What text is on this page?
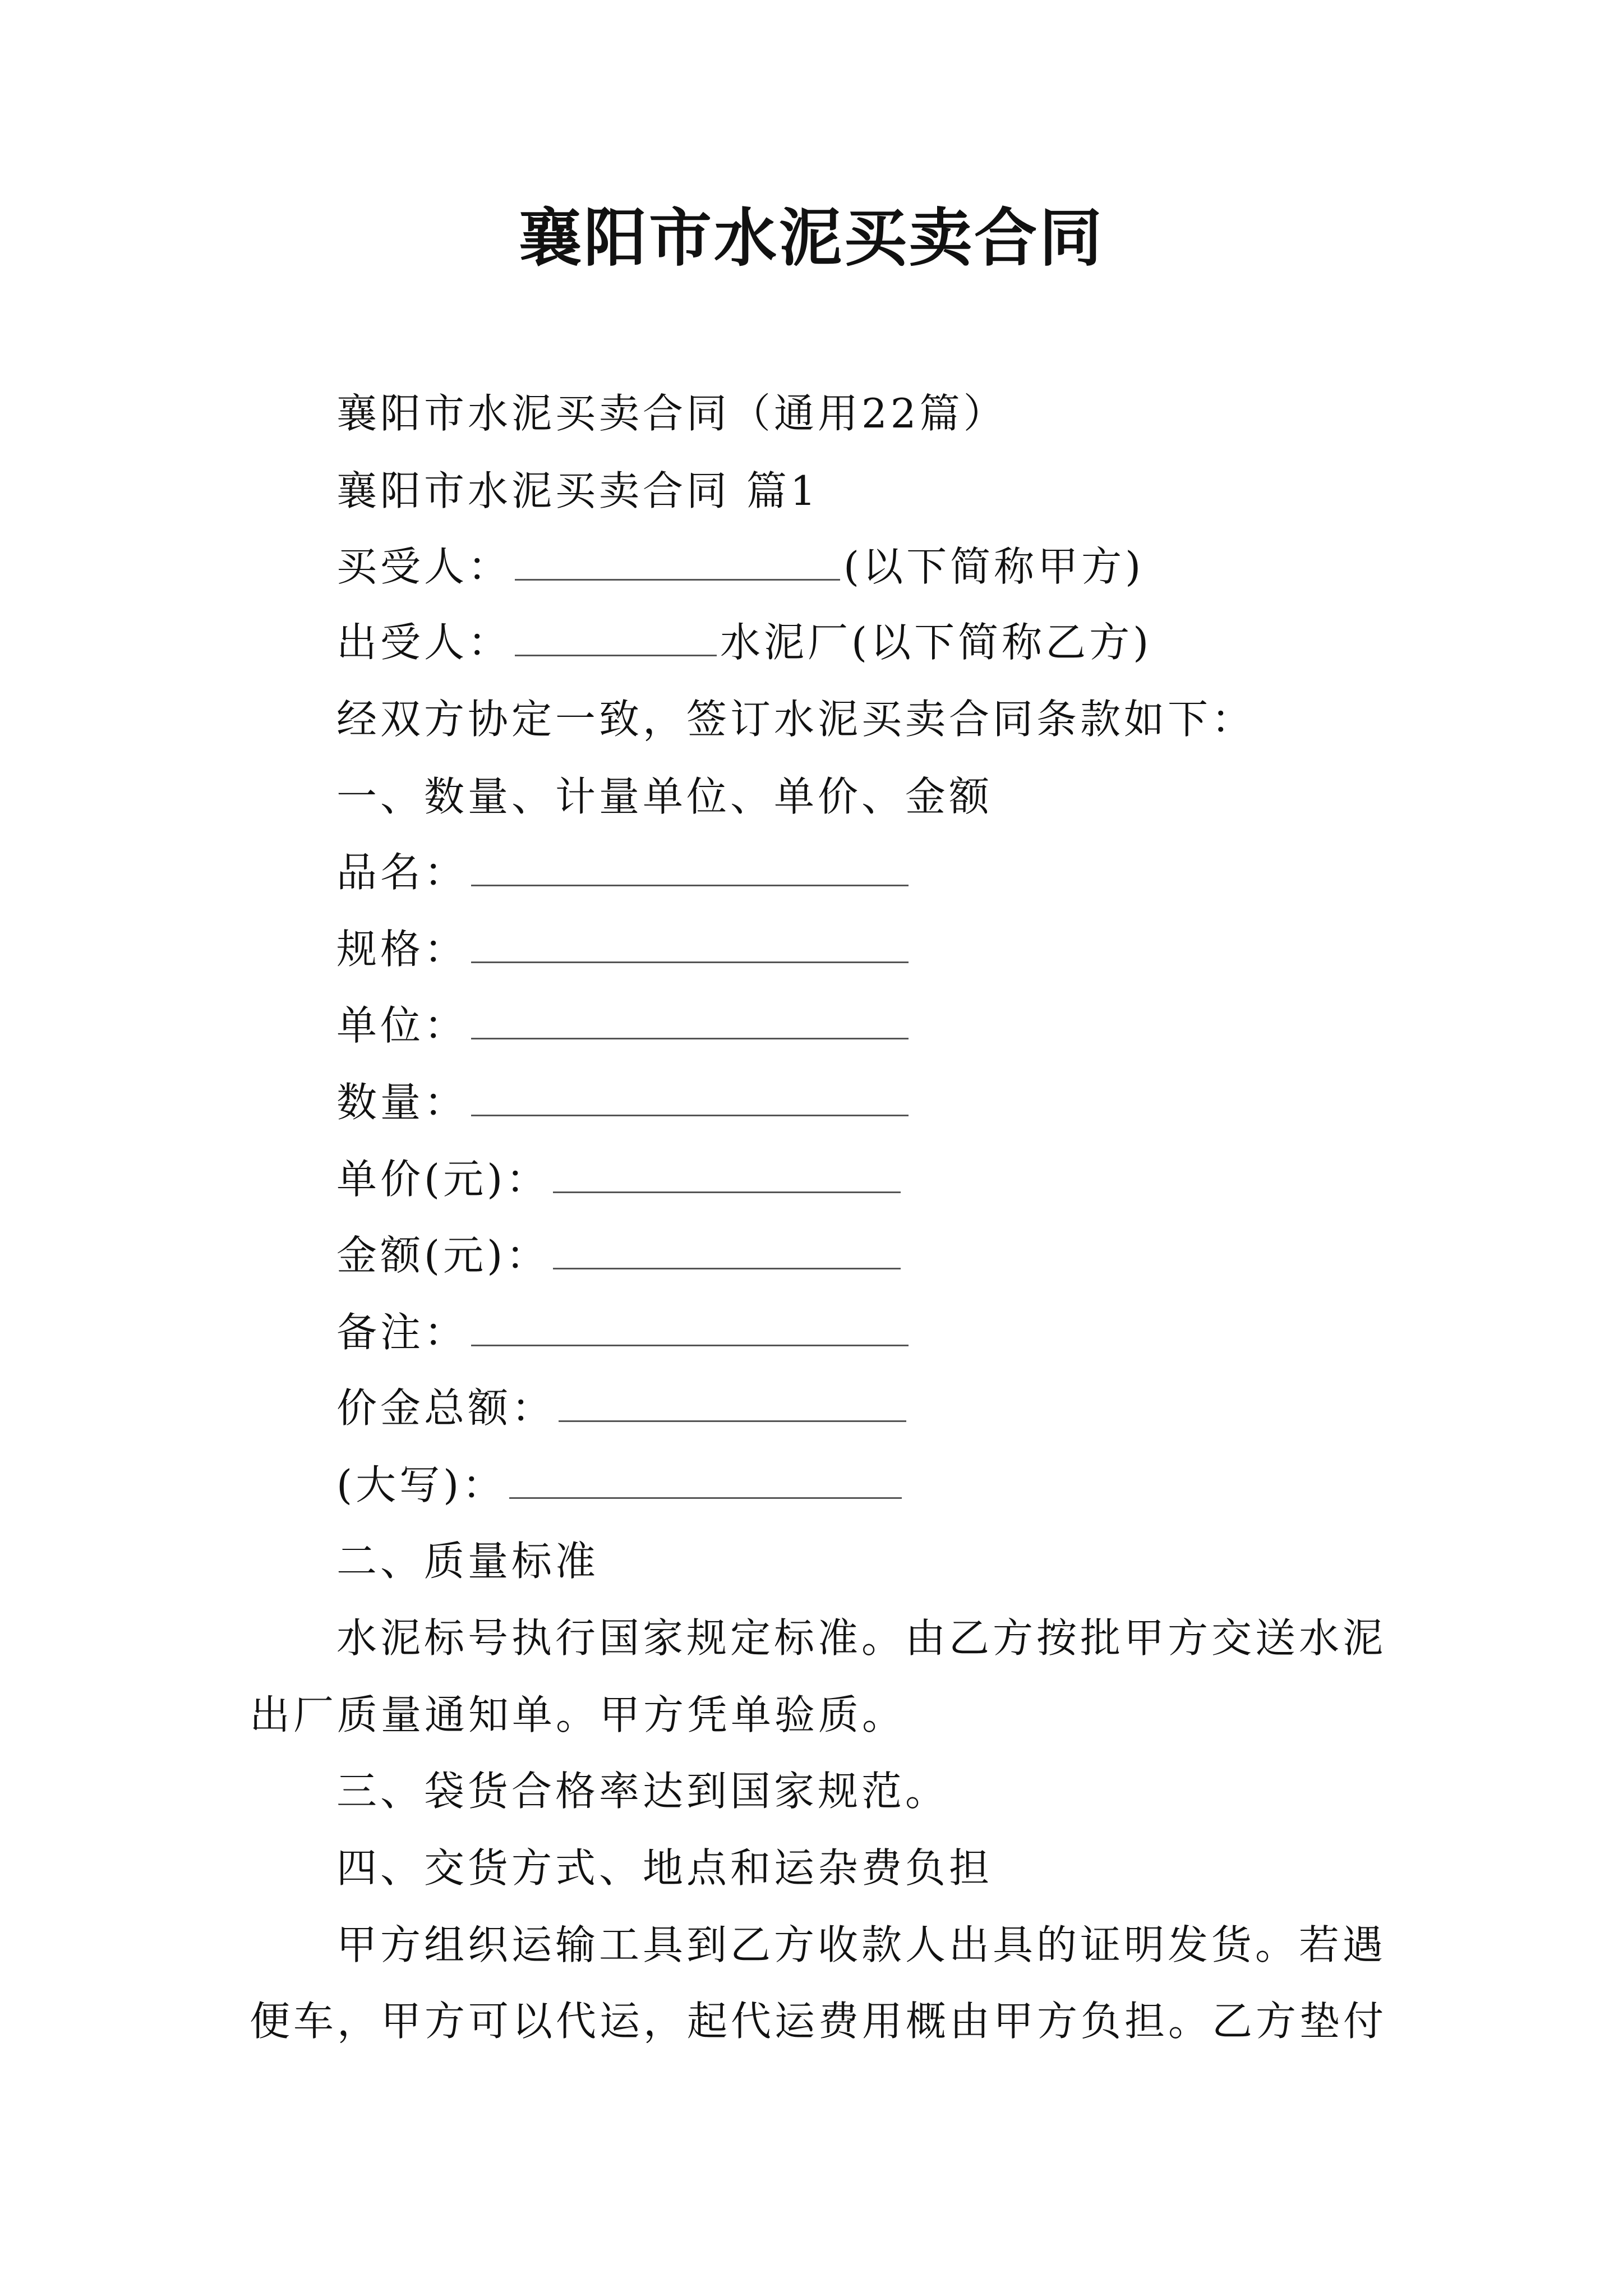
襄阳市水泥买卖合同
襄阳市水泥买卖合同（通用22篇）
襄阳市水泥买卖合同 篇1
买受人：	(以下简称甲方)
出受人：	水泥厂(以下简称乙方)
经双方协定一致，签订水泥买卖合同条款如下：
一、数量、计量单位、单价、金额
品名：
规格：
单位：
数量：
单价(元)：
金额(元)：
备注：
价金总额：
(大写)：
二、质量标准
水泥标号执行国家规定标准。由乙方按批甲方交送水泥
出厂质量通知单。甲方凭单验质。
三、袋货合格率达到国家规范。
四、交货方式、地点和运杂费负担
甲方组织运输工具到乙方收款人出具的证明发货。若遇
便车，甲方可以代运，起代运费用概由甲方负担。乙方垫付
